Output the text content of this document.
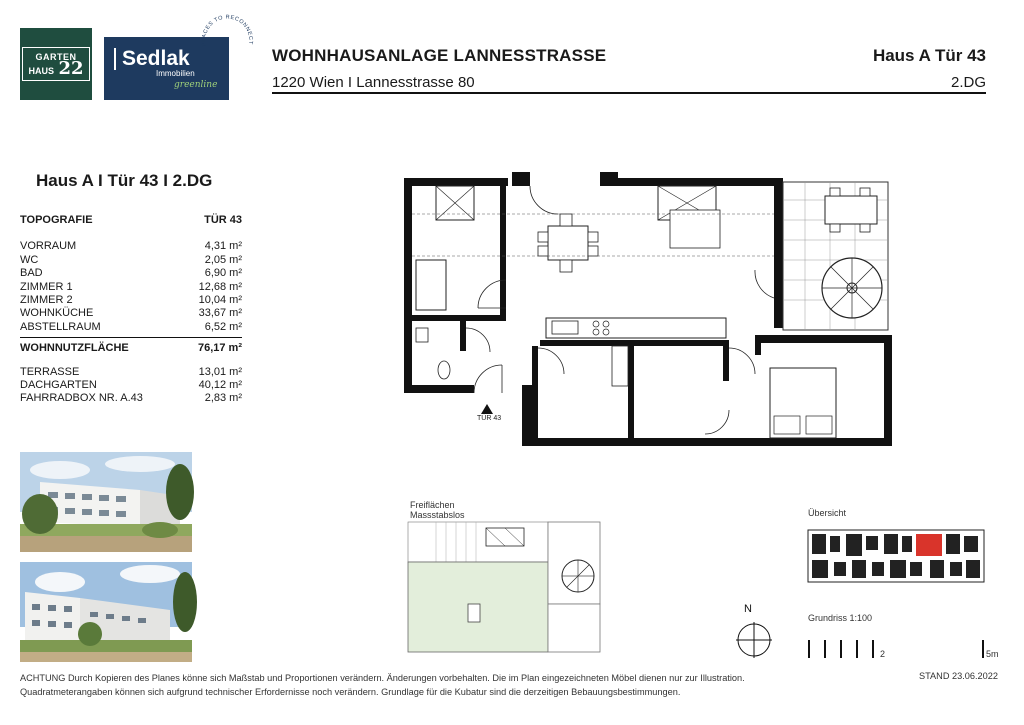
GARTEN
HAUS 22	Sedlak
Immobilien
greenline
PLACES TO RECONNECT
WOHNHAUSANLAGE LANNESSTRASSE	Haus A Tür 43
1220 Wien I Lannesstrasse 80	2.DG
Haus A I Tür 43 I 2.DG
TOPOGRAFIE	TÜR 43
VORRAUM	4,31 m²
WC	2,05 m²
BAD	6,90 m²
ZIMMER 1	12,68 m²
ZIMMER 2	10,04 m²
WOHNKÜCHE	33,67 m²
ABSTELLRAUM	6,52 m²
WOHNNUTZFLÄCHE	76,17 m²
TERRASSE	13,01 m²
DACHGARTEN	40,12 m²
FAHRRADBOX NR. A.43	2,83 m²
TÜR 43
Freiflächen
Massstabslos	Übersicht
Grundriss 1:100
2	5m
N
ACHTUNG Durch Kopieren des Planes könne sich Maßstab und Proportionen verändern. Änderungen vorbehalten. Die im Plan eingezeichneten Möbel dienen nur zur Illustration.
Quadratmeterangaben können sich aufgrund technischer Erfordernisse noch verändern. Grundlage für die Kubatur sind die derzeitigen Bebauungsbestimmungen.
STAND 23.06.2022
